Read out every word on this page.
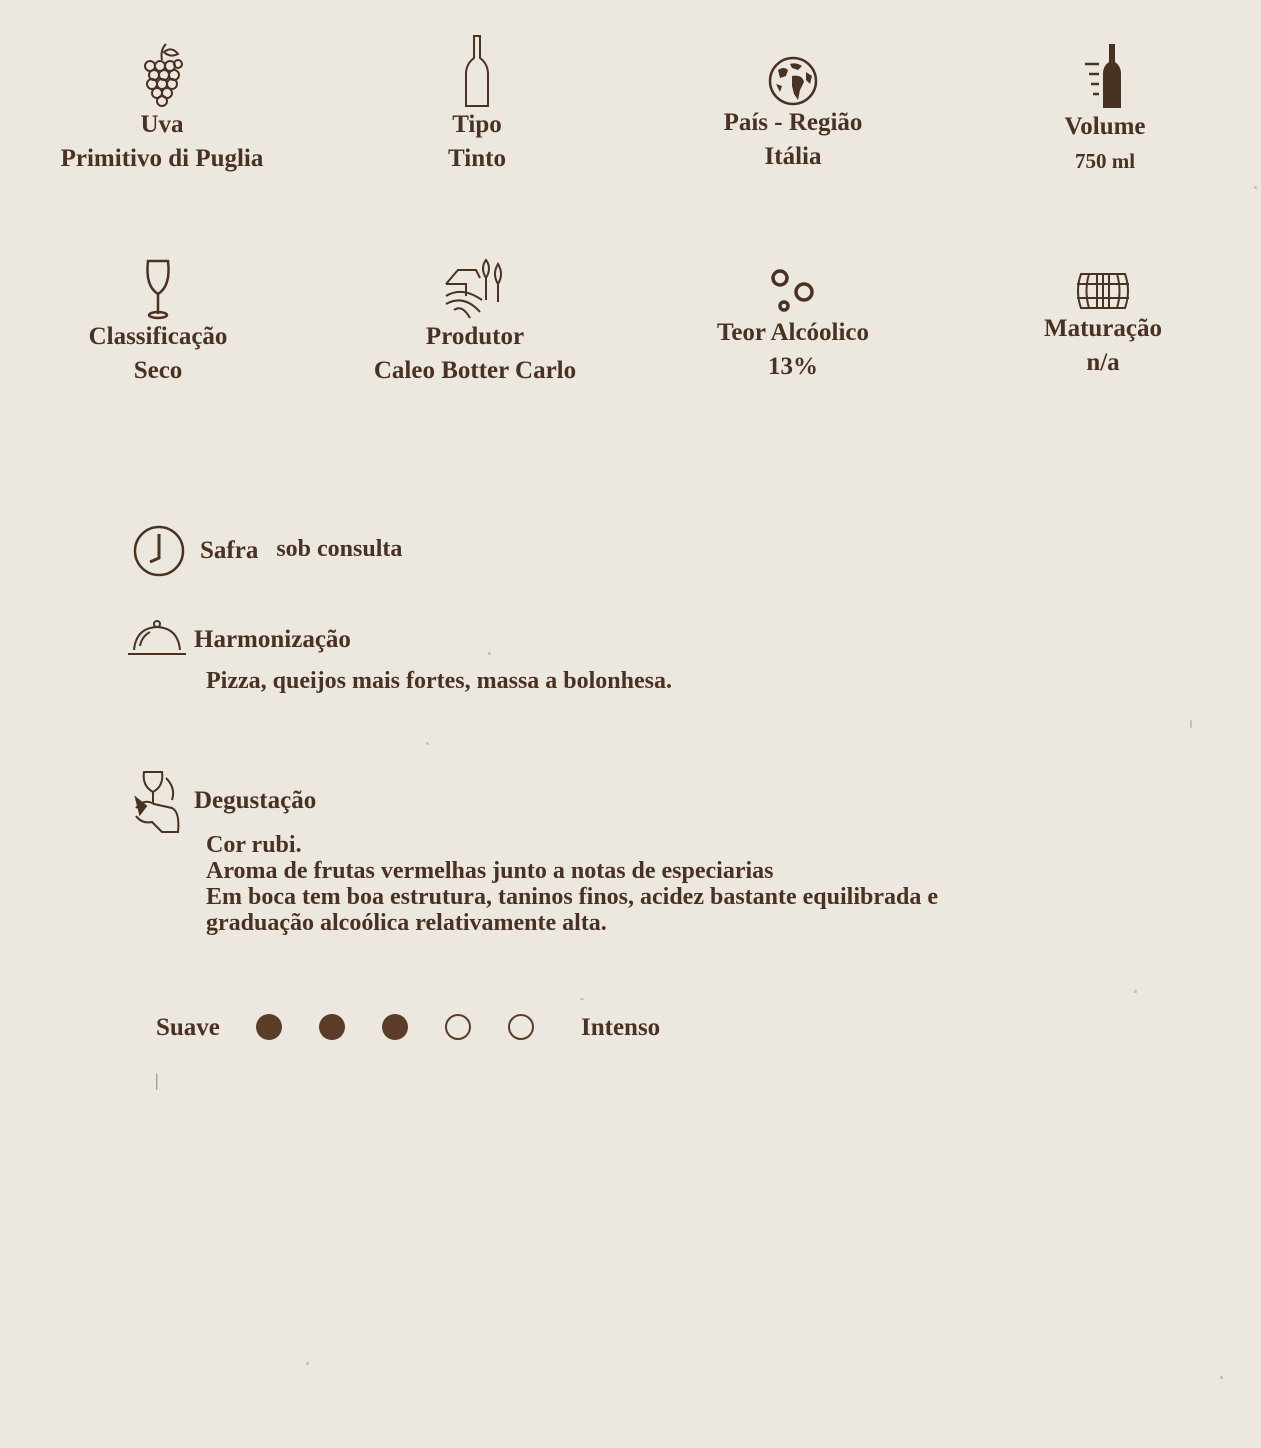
Uva
Primitivo di Puglia
Tipo
Tinto
País - Região
Itália
Volume
750 ml
Classificação
Seco
Produtor
Caleo Botter Carlo
Teor Alcóolico
13%
Maturação
n/a
Safra sob consulta
Harmonização
Pizza, queijos mais fortes, massa a bolonhesa.
Degustação
Cor rubi.
Aroma de frutas vermelhas junto a notas de especiarias
Em boca tem boa estrutura, taninos finos, acidez bastante equilibrada e
graduação alcoólica relativamente alta.
Suave	Intenso
|
